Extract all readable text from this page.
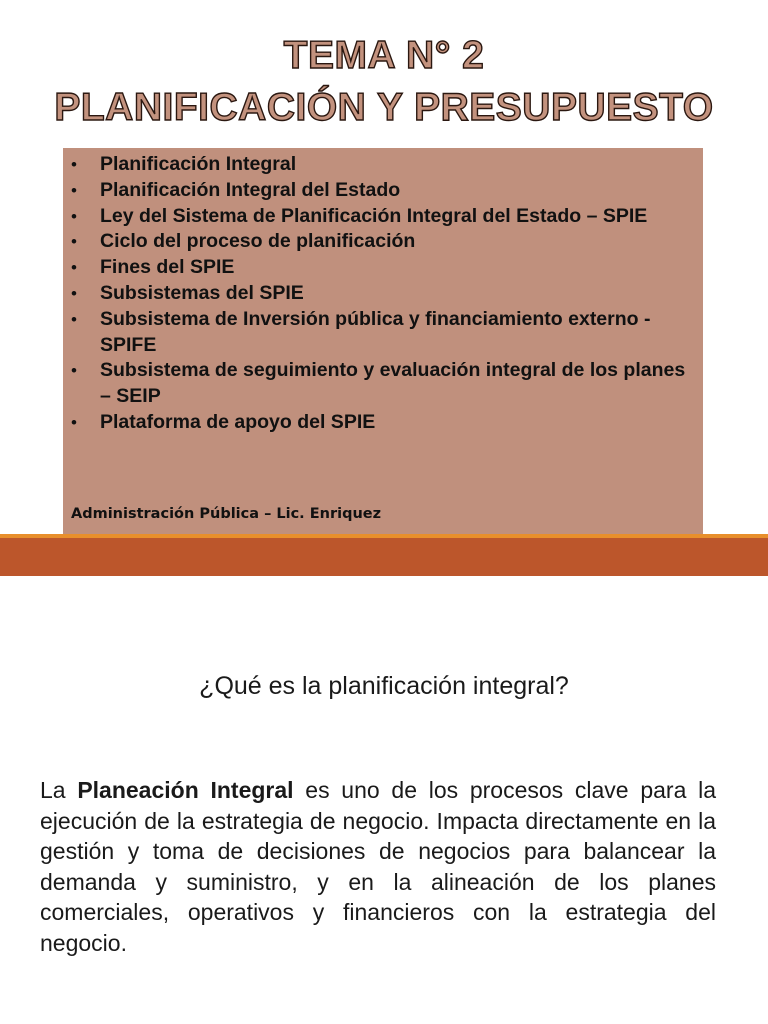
TEMA N° 2
PLANIFICACIÓN Y PRESUPUESTO
• Planificación Integral
• Planificación Integral del Estado
• Ley del Sistema de Planificación Integral del Estado – SPIE
• Ciclo del proceso de planificación
• Fines del SPIE
• Subsistemas del SPIE
• Subsistema de Inversión pública y financiamiento externo - SPIFE
• Subsistema de seguimiento y evaluación integral de los planes – SEIP
• Plataforma de apoyo del SPIE
Administración Pública – Lic. Enriquez
¿Qué es la planificación integral?

La Planeación Integral es uno de los procesos clave para la ejecución de la estrategia de negocio. Impacta directamente en la gestión y toma de decisiones de negocios para balancear la demanda y suministro, y en la alineación de los planes comerciales, operativos y financieros con la estrategia del negocio.
